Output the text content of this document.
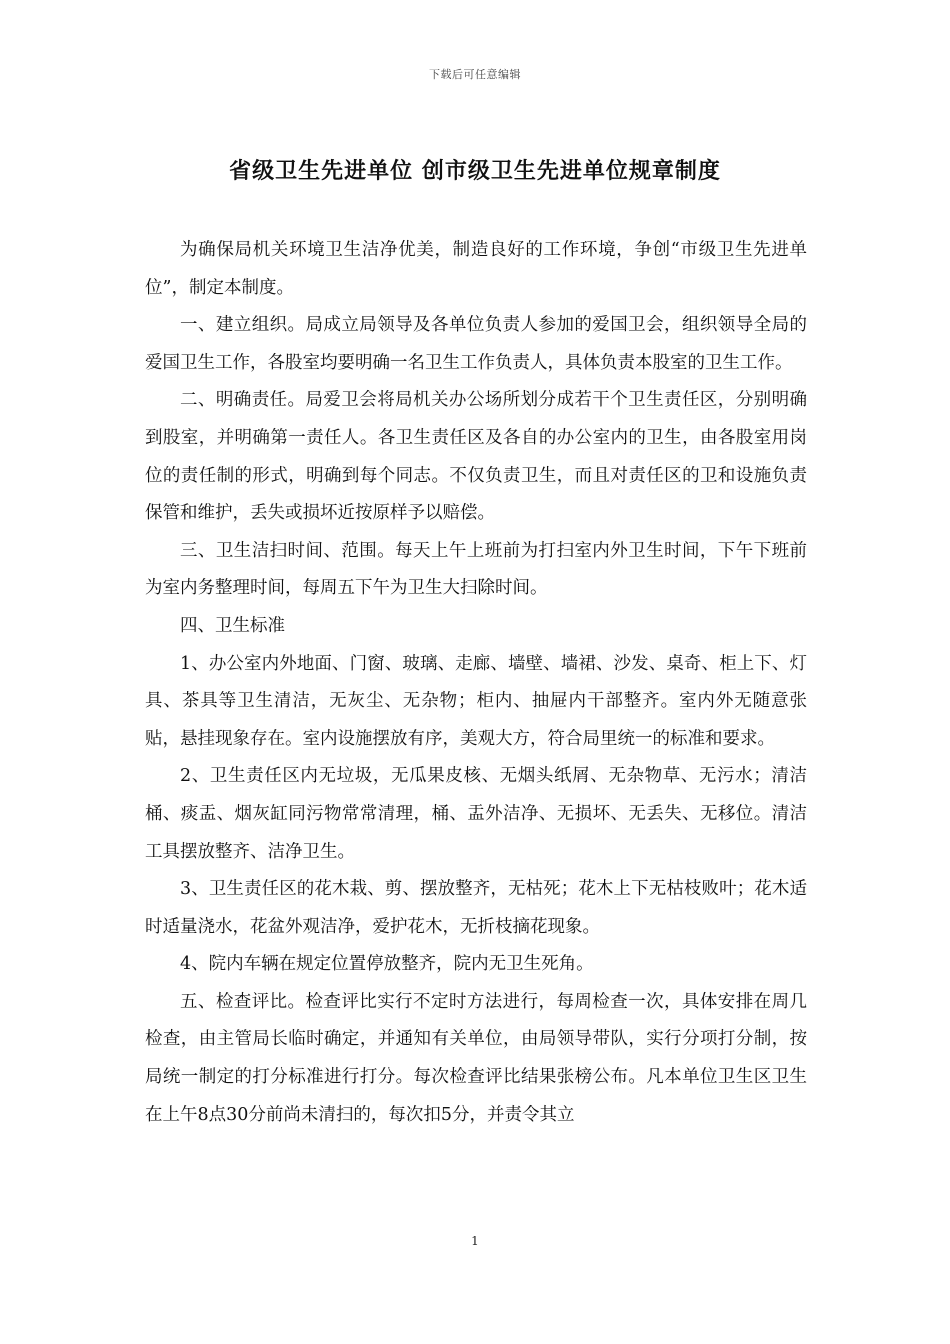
下载后可任意编辑
省级卫生先进单位 创市级卫生先进单位规章制度

为确保局机关环境卫生洁净优美，制造良好的工作环境，争创“市级卫生先进单位”，制定本制度。

一、建立组织。局成立局领导及各单位负责人参加的爱国卫会，组织领导全局的爱国卫生工作，各股室均要明确一名卫生工作负责人，具体负责本股室的卫生工作。

二、明确责任。局爱卫会将局机关办公场所划分成若干个卫生责任区，分别明确到股室，并明确第一责任人。各卫生责任区及各自的办公室内的卫生，由各股室用岗位的责任制的形式，明确到每个同志。不仅负责卫生，而且对责任区的卫和设施负责保管和维护，丢失或损坏近按原样予以赔偿。

三、卫生洁扫时间、范围。每天上午上班前为打扫室内外卫生时间，下午下班前为室内务整理时间，每周五下午为卫生大扫除时间。

四、卫生标准

1、办公室内外地面、门窗、玻璃、走廊、墙壁、墙裙、沙发、桌奇、柜上下、灯具、茶具等卫生清洁，无灰尘、无杂物；柜内、抽屉内干部整齐。室内外无随意张贴，悬挂现象存在。室内设施摆放有序，美观大方，符合局里统一的标准和要求。

2、卫生责任区内无垃圾，无瓜果皮核、无烟头纸屑、无杂物草、无污水；清洁桶、痰盂、烟灰缸同污物常常清理，桶、盂外洁净、无损坏、无丢失、无移位。清洁工具摆放整齐、洁净卫生。

3、卫生责任区的花木栽、剪、摆放整齐，无枯死；花木上下无枯枝败叶；花木适时适量浇水，花盆外观洁净，爱护花木，无折枝摘花现象。

4、院内车辆在规定位置停放整齐，院内无卫生死角。

五、检查评比。检查评比实行不定时方法进行，每周检查一次，具体安排在周几检查，由主管局长临时确定，并通知有关单位，由局领导带队，实行分项打分制，按局统一制定的打分标准进行打分。每次检查评比结果张榜公布。凡本单位卫生区卫生在上午8点30分前尚未清扫的，每次扣5分，并责令其立

1
